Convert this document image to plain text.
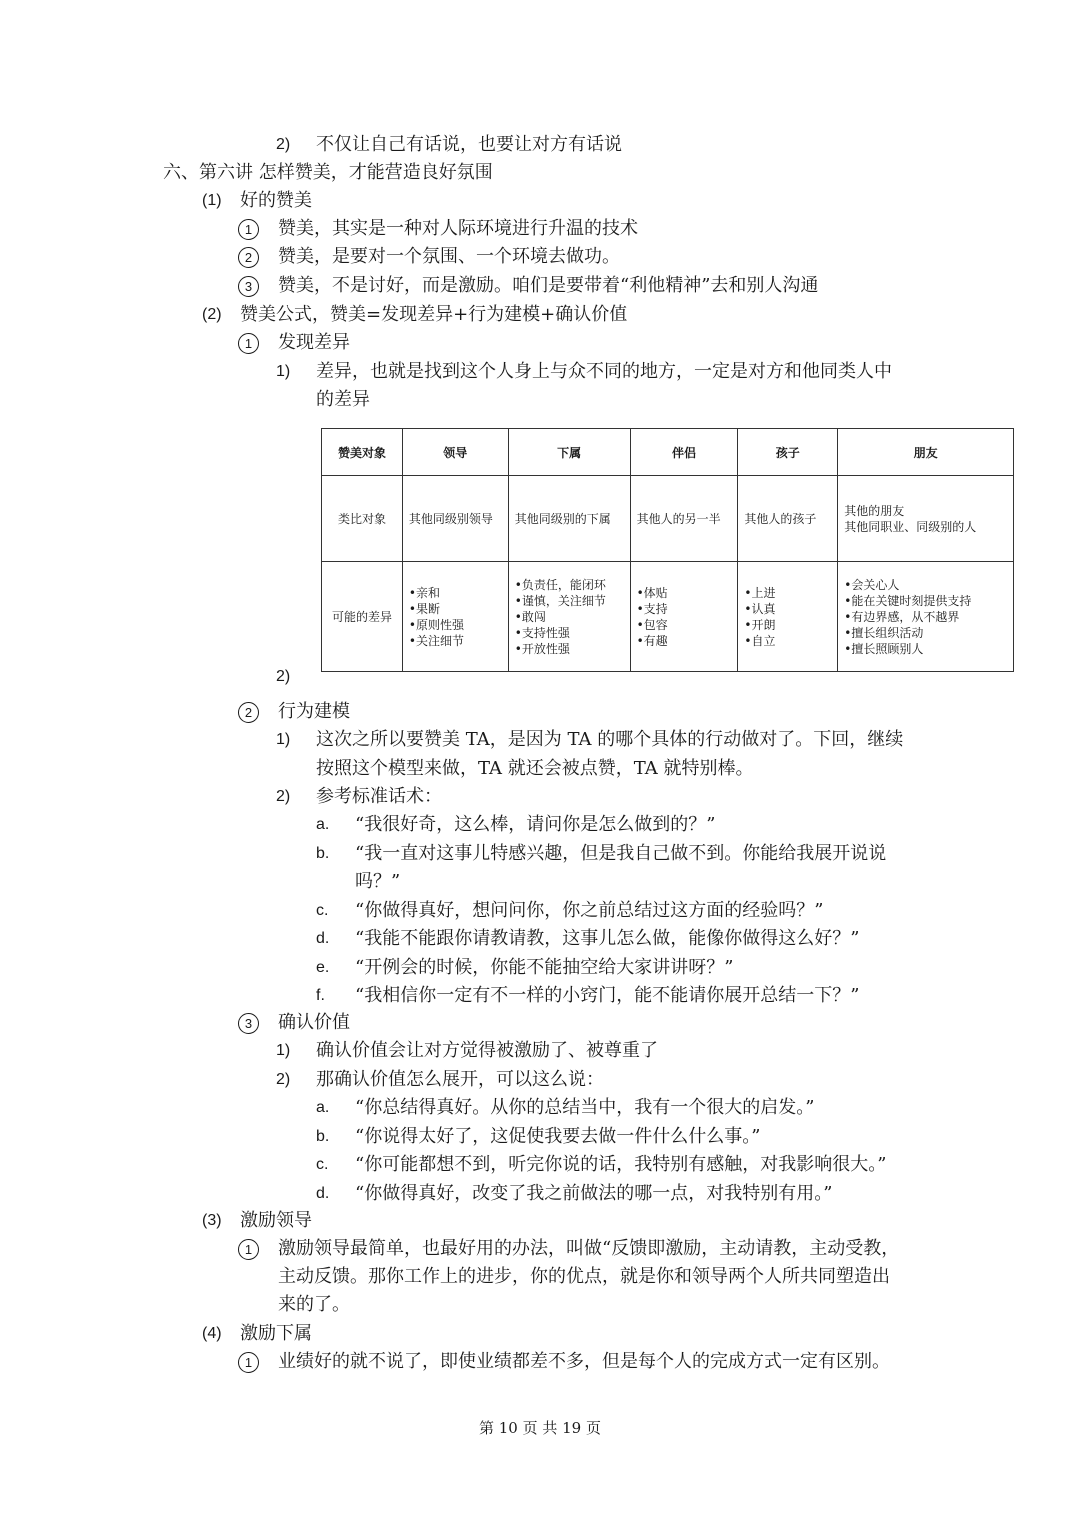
2)
(1)
1
2
3
(2)
1
1)
2)
2
1)
2)
a.
b.
c.
d.
e.
f.
3
1)
2)
a.
b.
c.
d.
(3)
1
(4)
1
不仅让自己有话说，也要让对方有话说
六、第六讲 怎样赞美，才能营造良好氛围
好的赞美
赞美，其实是一种对人际环境进行升温的技术
赞美，是要对一个氛围、一个环境去做功。
赞美，不是讨好，而是激励。咱们是要带着“利他精神”去和别人沟通
赞美公式，赞美=发现差异+行为建模+确认价值
发现差异
差异，也就是找到这个人身上与众不同的地方，一定是对方和他同类人中
的差异
赞美对象	领导	下属	伴侣	孩子	朋友
类比对象	其他同级别领导	其他同级别的下属	其他人的另一半	其他人的孩子	其他的朋友
其他同职业、同级别的人

可能的差异	•亲和
•果断
•原则性强
•关注细节	•负责任，能闭环
•谨慎，关注细节
•敢闯
•支持性强
•开放性强	•体贴
•支持
•包容
•有趣	•上进
•认真
•开朗
•自立	•会关心人
•能在关键时刻提供支持
•有边界感，从不越界
•擅长组织活动
•擅长照顾别人
行为建模
这次之所以要赞美 TA，是因为 TA 的哪个具体的行动做对了。下回，继续
按照这个模型来做，TA 就还会被点赞，TA 就特别棒。
参考标准话术：
“我很好奇，这么棒，请问你是怎么做到的？”
“我一直对这事儿特感兴趣，但是我自己做不到。你能给我展开说说
吗？”
“你做得真好，想问问你，你之前总结过这方面的经验吗？”
“我能不能跟你请教请教，这事儿怎么做，能像你做得这么好？”
“开例会的时候，你能不能抽空给大家讲讲呀？”
“我相信你一定有不一样的小窍门，能不能请你展开总结一下？”
确认价值
确认价值会让对方觉得被激励了、被尊重了
那确认价值怎么展开，可以这么说：
“你总结得真好。从你的总结当中，我有一个很大的启发。”
“你说得太好了，这促使我要去做一件什么什么事。”
“你可能都想不到，听完你说的话，我特别有感触，对我影响很大。”
“你做得真好，改变了我之前做法的哪一点，对我特别有用。”
激励领导
激励领导最简单，也最好用的办法，叫做“反馈即激励，主动请教，主动受教，
主动反馈。那你工作上的进步，你的优点，就是你和领导两个人所共同塑造出
来的了。
激励下属
业绩好的就不说了，即使业绩都差不多，但是每个人的完成方式一定有区别。
第 10 页 共 19 页
